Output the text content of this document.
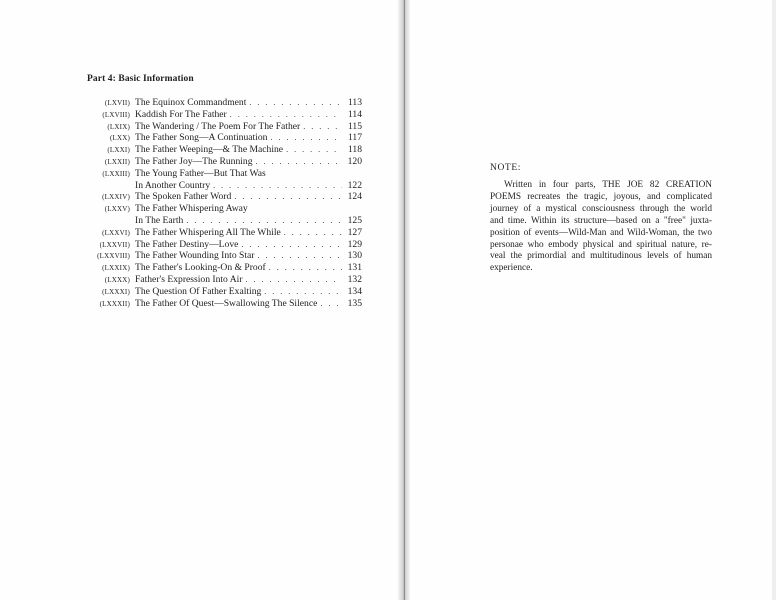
Part 4: Basic Information
(LXVII) The Equinox Commandment . . .	113
(LXVIII) Kaddish For The Father . . .	114
(LXIX) The Wandering / The Poem For The Father . . .	115
(LXX) The Father Song—A Continuation . . .	117
(LXXI) The Father Weeping—& The Machine . . .	118
(LXXII) The Father Joy—The Running . . .	120
(LXXIII) The Young Father—But That Was
In Another Country . . .	122
(LXXIV) The Spoken Father Word . . .	124
(LXXV) The Father Whispering Away
In The Earth . . .	125
(LXXVI) The Father Whispering All The While . . .	127
(LXXVII) The Father Destiny—Love . . .	129
(LXXVIII) The Father Wounding Into Star . . .	130
(LXXIX) The Father's Looking-On & Proof . . .	131
(LXXX) Father's Expression Into Air . . .	132
(LXXXI) The Question Of Father Exalting . . .	134
(LXXXII) The Father Of Quest—Swallowing The Silence . . .	135
NOTE:
Written in four parts, THE JOE 82 CREATION
POEMS recreates the tragic, joyous, and complicated
journey of a mystical consciousness through the world
and time. Within its structure—based on a "free" juxta-
position of events—Wild-Man and Wild-Woman, the two
personae who embody physical and spiritual nature, re-
veal the primordial and multitudinous levels of human
experience.
